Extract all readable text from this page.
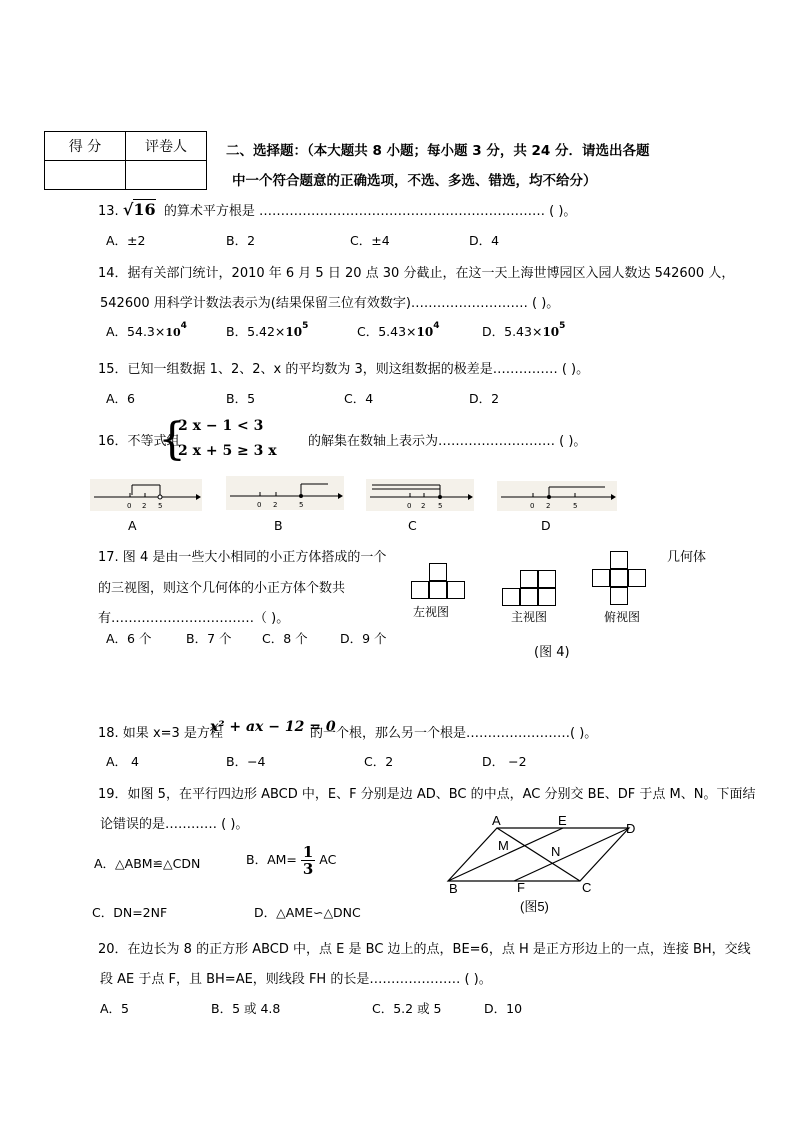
得 分	评卷人
		二、选择题：（本大题共 8 小题；每小题 3 分，共 24 分．请选出各题
中一个符合题意的正确选项，不选、多选、错选，均不给分）
13. √16 的算术平方根是 ………………………………………………………… ( )。
A．±2	B．2	C．±4	D．4
14．据有关部门统计，2010 年 6 月 5 日 20 点 30 分截止，在这一天上海世博园区入园人数达 542600 人，
542600 用科学计数法表示为(结果保留三位有效数字)……………………… ( )。
A．$54.3\times 10^4$	B．$5.42\times 10^5$	C．$5.43\times 10^4$	D．$5.43\times 10^5$
15．已知一组数据 1、2、2、x 的平均数为 3，则这组数据的极差是…………… ( )。
A．6	B．5	C．4	D．2
16．不等式组
{
2 x − 1 < 3
2 x + 5 ≥ 3 x
的解集在数轴上表示为……………………… ( )。
0 2 5	0 2	5	0 2 5	0 2	5
A	B	C	D
17. 图 4 是由一些大小相同的小正方体搭成的一个	几何体
的三视图，则这个几何体的小正方体个数共
有……………………………（ )。
A．6 个	B．7 个 C．8 个	D．9 个
左视图	主视图	俯视图
(图 4)
18. 如果 x=3 是方程
x² + ax − 12 = 0
的一个根，那么另一个根是……………………( )。
A． 4	B．−4	C．2	D． −2
19．如图 5，在平行四边形 ABCD 中，E、F 分别是边 AD、BC 的中点，AC 分别交 BE、DF 于点 M、N。下面结
论错误的是………… ( )。
A．△ABM≌△CDN	B．$AM= \frac{1}{3}$ AC
C．DN=2NF	D．△AME∽△DNC
A	E
D
M	N
B	F	C
(图5)
20．在边长为 8 的正方形 ABCD 中，点 E 是 BC 边上的点，BE=6，点 H 是正方形边上的一点，连接 BH，交线
段 AE 于点 F，且 BH=AE，则线段 FH 的长是………………… ( )。
A．5	B．5 或 4.8	C．5.2 或 5	D．10
